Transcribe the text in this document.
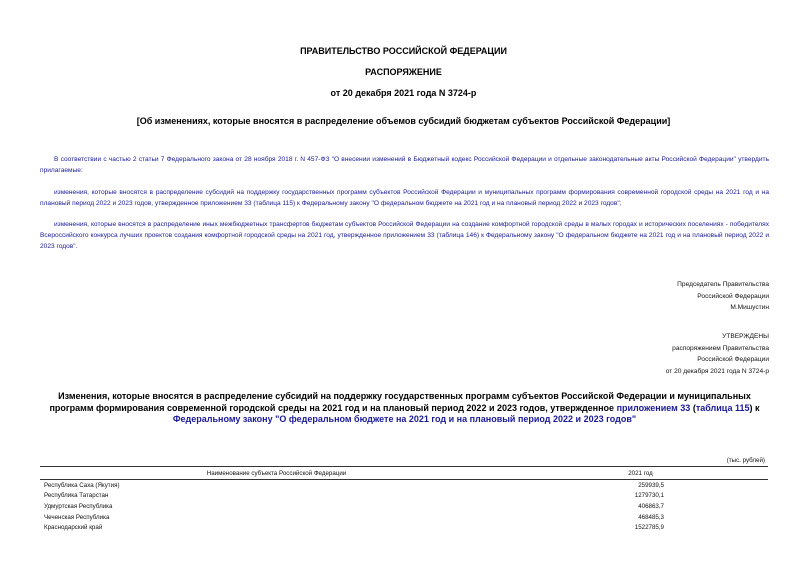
ПРАВИТЕЛЬСТВО РОССИЙСКОЙ ФЕДЕРАЦИИ
РАСПОРЯЖЕНИЕ
от 20 декабря 2021 года N 3724-р
[Об изменениях, которые вносятся в распределение объемов субсидий бюджетам субъектов Российской Федерации]
В соответствии с частью 2 статьи 7 Федерального закона от 28 ноября 2018 г. N 457-ФЗ "О внесении изменений в Бюджетный кодекс Российской Федерации и отдельные законодательные акты Российской Федерации" утвердить прилагаемые:
изменения, которые вносятся в распределение субсидий на поддержку государственных программ субъектов Российской Федерации и муниципальных программ формирования современной городской среды на 2021 год и на плановый период 2022 и 2023 годов, утвержденное приложением 33 (таблица 115) к Федеральному закону "О федеральном бюджете на 2021 год и на плановый период 2022 и 2023 годов";
изменения, которые вносятся в распределение иных межбюджетных трансфертов бюджетам субъектов Российской Федерации на создание комфортной городской среды в малых городах и исторических поселениях - победителях Всероссийского конкурса лучших проектов создания комфортной городской среды на 2021 год, утвержденное приложением 33 (таблица 146) к Федеральному закону "О федеральном бюджете на 2021 год и на плановый период 2022 и 2023 годов".
Председатель Правительства
Российской Федерации
М.Мишустин
УТВЕРЖДЕНЫ
распоряжением Правительства
Российской Федерации
от 20 декабря 2021 года N 3724-р
Изменения, которые вносятся в распределение субсидий на поддержку государственных программ субъектов Российской Федерации и муниципальных программ формирования современной городской среды на 2021 год и на плановый период 2022 и 2023 годов, утвержденное приложением 33 (таблица 115) к Федеральному закону "О федеральном бюджете на 2021 год и на плановый период 2022 и 2023 годов"
(тыс. рублей)
Наименование субъекта Российской Федерации	2021 год
Республика Саха (Якутия)	259939,5
Республика Татарстан	1279730,1
Удмуртская Республика	406863,7
Чеченская Республика	468485,3
Краснодарский край	1522785,9
